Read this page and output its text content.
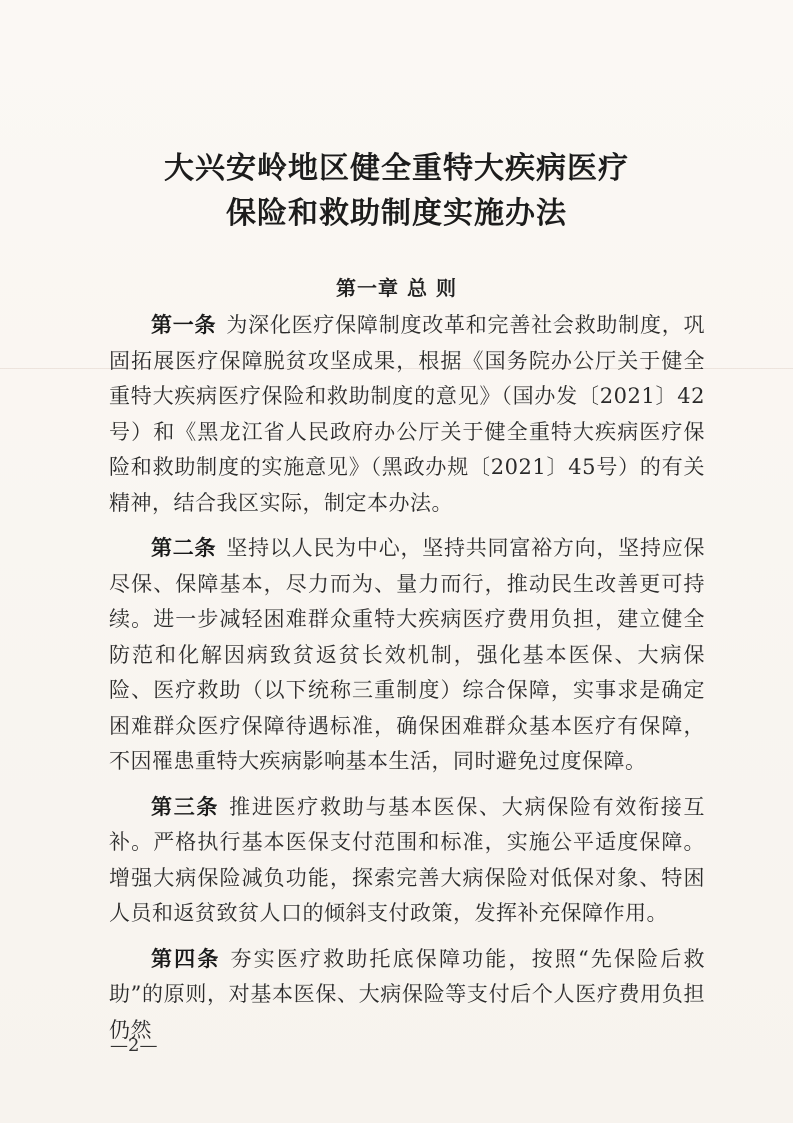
大兴安岭地区健全重特大疾病医疗
保险和救助制度实施办法
第一章 总 则

第一条 为深化医疗保障制度改革和完善社会救助制度，巩固拓展医疗保障脱贫攻坚成果，根据《国务院办公厅关于健全重特大疾病医疗保险和救助制度的意见》（国办发〔2021〕42号）和《黑龙江省人民政府办公厅关于健全重特大疾病医疗保险和救助制度的实施意见》（黑政办规〔2021〕45号）的有关精神，结合我区实际，制定本办法。

第二条 坚持以人民为中心，坚持共同富裕方向，坚持应保尽保、保障基本，尽力而为、量力而行，推动民生改善更可持续。进一步减轻困难群众重特大疾病医疗费用负担，建立健全防范和化解因病致贫返贫长效机制，强化基本医保、大病保险、医疗救助（以下统称三重制度）综合保障，实事求是确定困难群众医疗保障待遇标准，确保困难群众基本医疗有保障，不因罹患重特大疾病影响基本生活，同时避免过度保障。

第三条 推进医疗救助与基本医保、大病保险有效衔接互补。严格执行基本医保支付范围和标准，实施公平适度保障。增强大病保险减负功能，探索完善大病保险对低保对象、特困人员和返贫致贫人口的倾斜支付政策，发挥补充保障作用。

第四条 夯实医疗救助托底保障功能，按照“先保险后救助”的原则，对基本医保、大病保险等支付后个人医疗费用负担仍然

—2—
